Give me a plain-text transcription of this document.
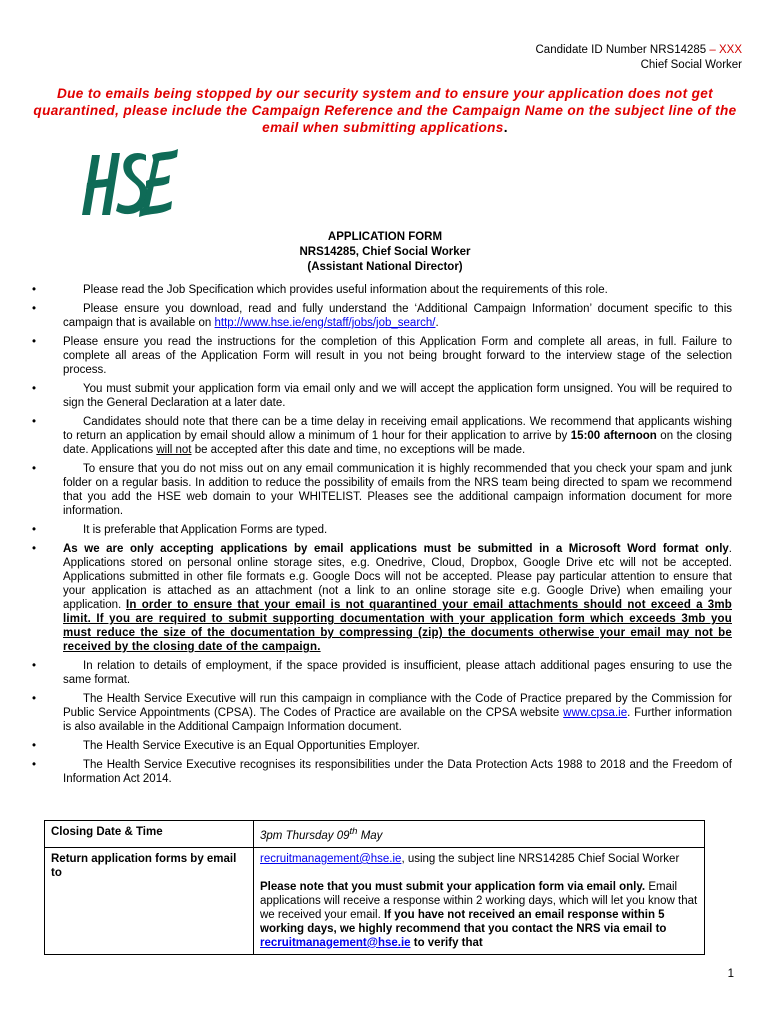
Candidate ID Number NRS14285 – XXX
Chief Social Worker
Due to emails being stopped by our security system and to ensure your application does not get quarantined, please include the Campaign Reference and the Campaign Name on the subject line of the email when submitting applications.
APPLICATION FORM
NRS14285, Chief Social Worker
(Assistant National Director)
•	Please read the Job Specification which provides useful information about the requirements of this role.
•	Please ensure you download, read and fully understand the ‘Additional Campaign Information’ document specific to this campaign that is available on http://www.hse.ie/eng/staff/jobs/job_search/.
• Please ensure you read the instructions for the completion of this Application Form and complete all areas, in full. Failure to complete all areas of the Application Form will result in you not being brought forward to the interview stage of the selection process.
•	You must submit your application form via email only and we will accept the application form unsigned. You will be required to sign the General Declaration at a later date.
•	Candidates should note that there can be a time delay in receiving email applications. We recommend that applicants wishing to return an application by email should allow a minimum of 1 hour for their application to arrive by 15:00 afternoon on the closing date. Applications will not be accepted after this date and time, no exceptions will be made.
•	To ensure that you do not miss out on any email communication it is highly recommended that you check your spam and junk folder on a regular basis. In addition to reduce the possibility of emails from the NRS team being directed to spam we recommend that you add the HSE web domain to your WHITELIST. Pleases see the additional campaign information document for more information.
•	It is preferable that Application Forms are typed.
• As we are only accepting applications by email applications must be submitted in a Microsoft Word format only. Applications stored on personal online storage sites, e.g. Onedrive, Cloud, Dropbox, Google Drive etc will not be accepted. Applications submitted in other file formats e.g. Google Docs will not be accepted. Please pay particular attention to ensure that your application is attached as an attachment (not a link to an online storage site e.g. Google Drive) when emailing your application. In order to ensure that your email is not quarantined your email attachments should not exceed a 3mb limit. If you are required to submit supporting documentation with your application form which exceeds 3mb you must reduce the size of the documentation by compressing (zip) the documents otherwise your email may not be received by the closing date of the campaign.
•	In relation to details of employment, if the space provided is insufficient, please attach additional pages ensuring to use the same format.
•	The Health Service Executive will run this campaign in compliance with the Code of Practice prepared by the Commission for Public Service Appointments (CPSA). The Codes of Practice are available on the CPSA website www.cpsa.ie. Further information is also available in the Additional Campaign Information document.
•	The Health Service Executive is an Equal Opportunities Employer.
•	The Health Service Executive recognises its responsibilities under the Data Protection Acts 1988 to 2018 and the Freedom of Information Act 2014.
Closing Date & Time	3pm Thursday 09th May
Return application forms by email to	recruitmanagement@hse.ie, using the subject line NRS14285 Chief Social Worker
Please note that you must submit your application form via email only. Email applications will receive a response within 2 working days, which will let you know that we received your email. If you have not received an email response within 5 working days, we highly recommend that you contact the NRS via email to recruitmanagement@hse.ie to verify that
1
